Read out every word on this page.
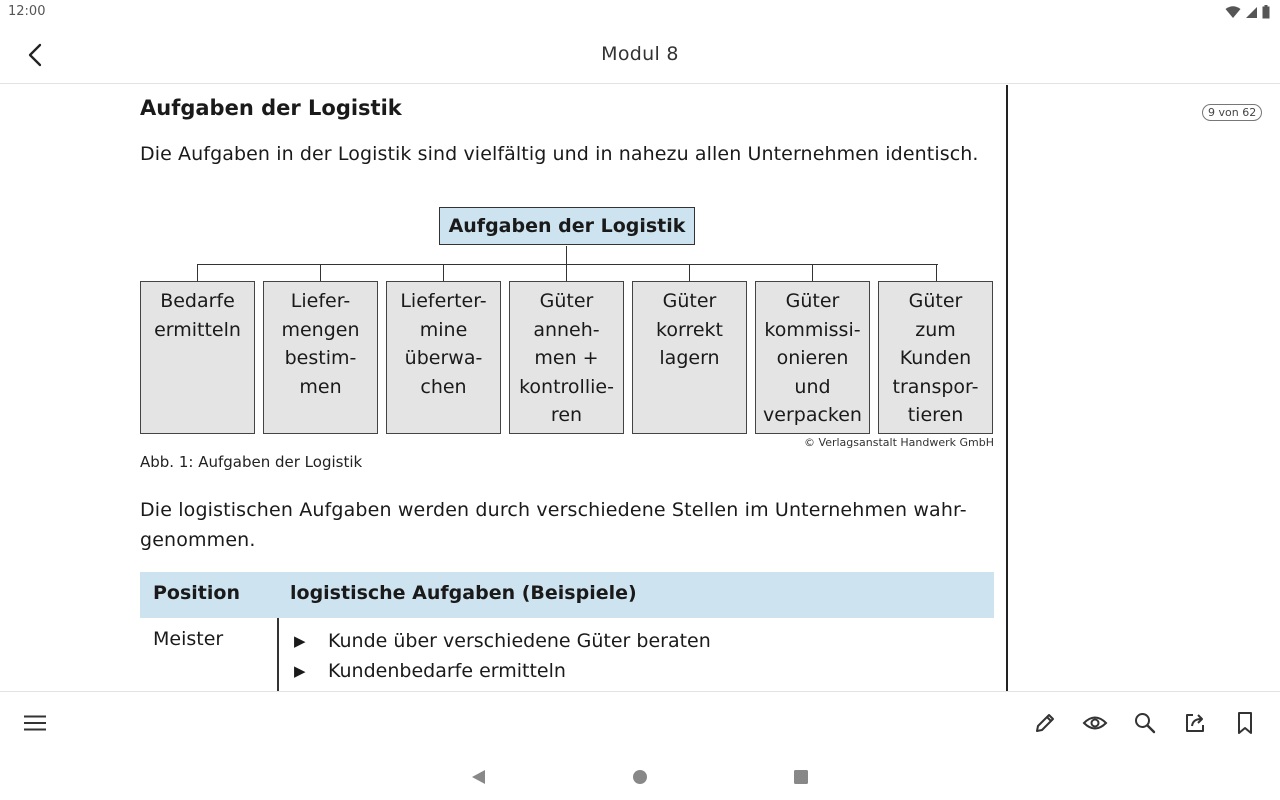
12:00
Modul 8
Aufgaben der Logistik
Die Aufgaben in der Logistik sind vielfältig und in nahezu allen Unternehmen identisch.
Aufgaben der Logistik
Bedarfe
ermitteln
Liefer-
mengen
bestim-
men
Lieferter-
mine
überwa-
chen
Güter
anneh-
men +
kontrollie-
ren
Güter
korrekt
lagern
Güter
kommissi-
onieren
und
verpacken
Güter
zum
Kunden
transpor-
tieren
© Verlagsanstalt Handwerk GmbH
Abb. 1: Aufgaben der Logistik
Die logistischen Aufgaben werden durch verschiedene Stellen im Unternehmen wahr-genommen.
Position	logistische Aufgaben (Beispiele)
Meister
▶	Kunde über verschiedene Güter beraten
▶ Kundenbedarfe ermitteln
▶
9 von 62
